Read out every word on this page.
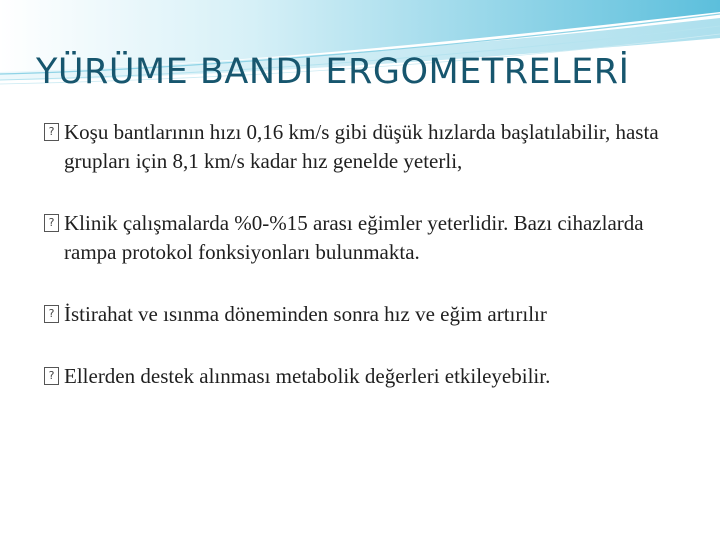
YÜRÜME BANDI ERGOMETRELERİ
? Koşu bantlarının hızı 0,16 km/s gibi düşük hızlarda başlatılabilir, hasta grupları için 8,1 km/s kadar hız genelde yeterli,
? Klinik çalışmalarda %0-%15 arası eğimler yeterlidir. Bazı cihazlarda rampa protokol fonksiyonları bulunmakta.
? İstirahat ve ısınma döneminden sonra hız ve eğim artırılır
? Ellerden destek alınması metabolik değerleri etkileyebilir.
